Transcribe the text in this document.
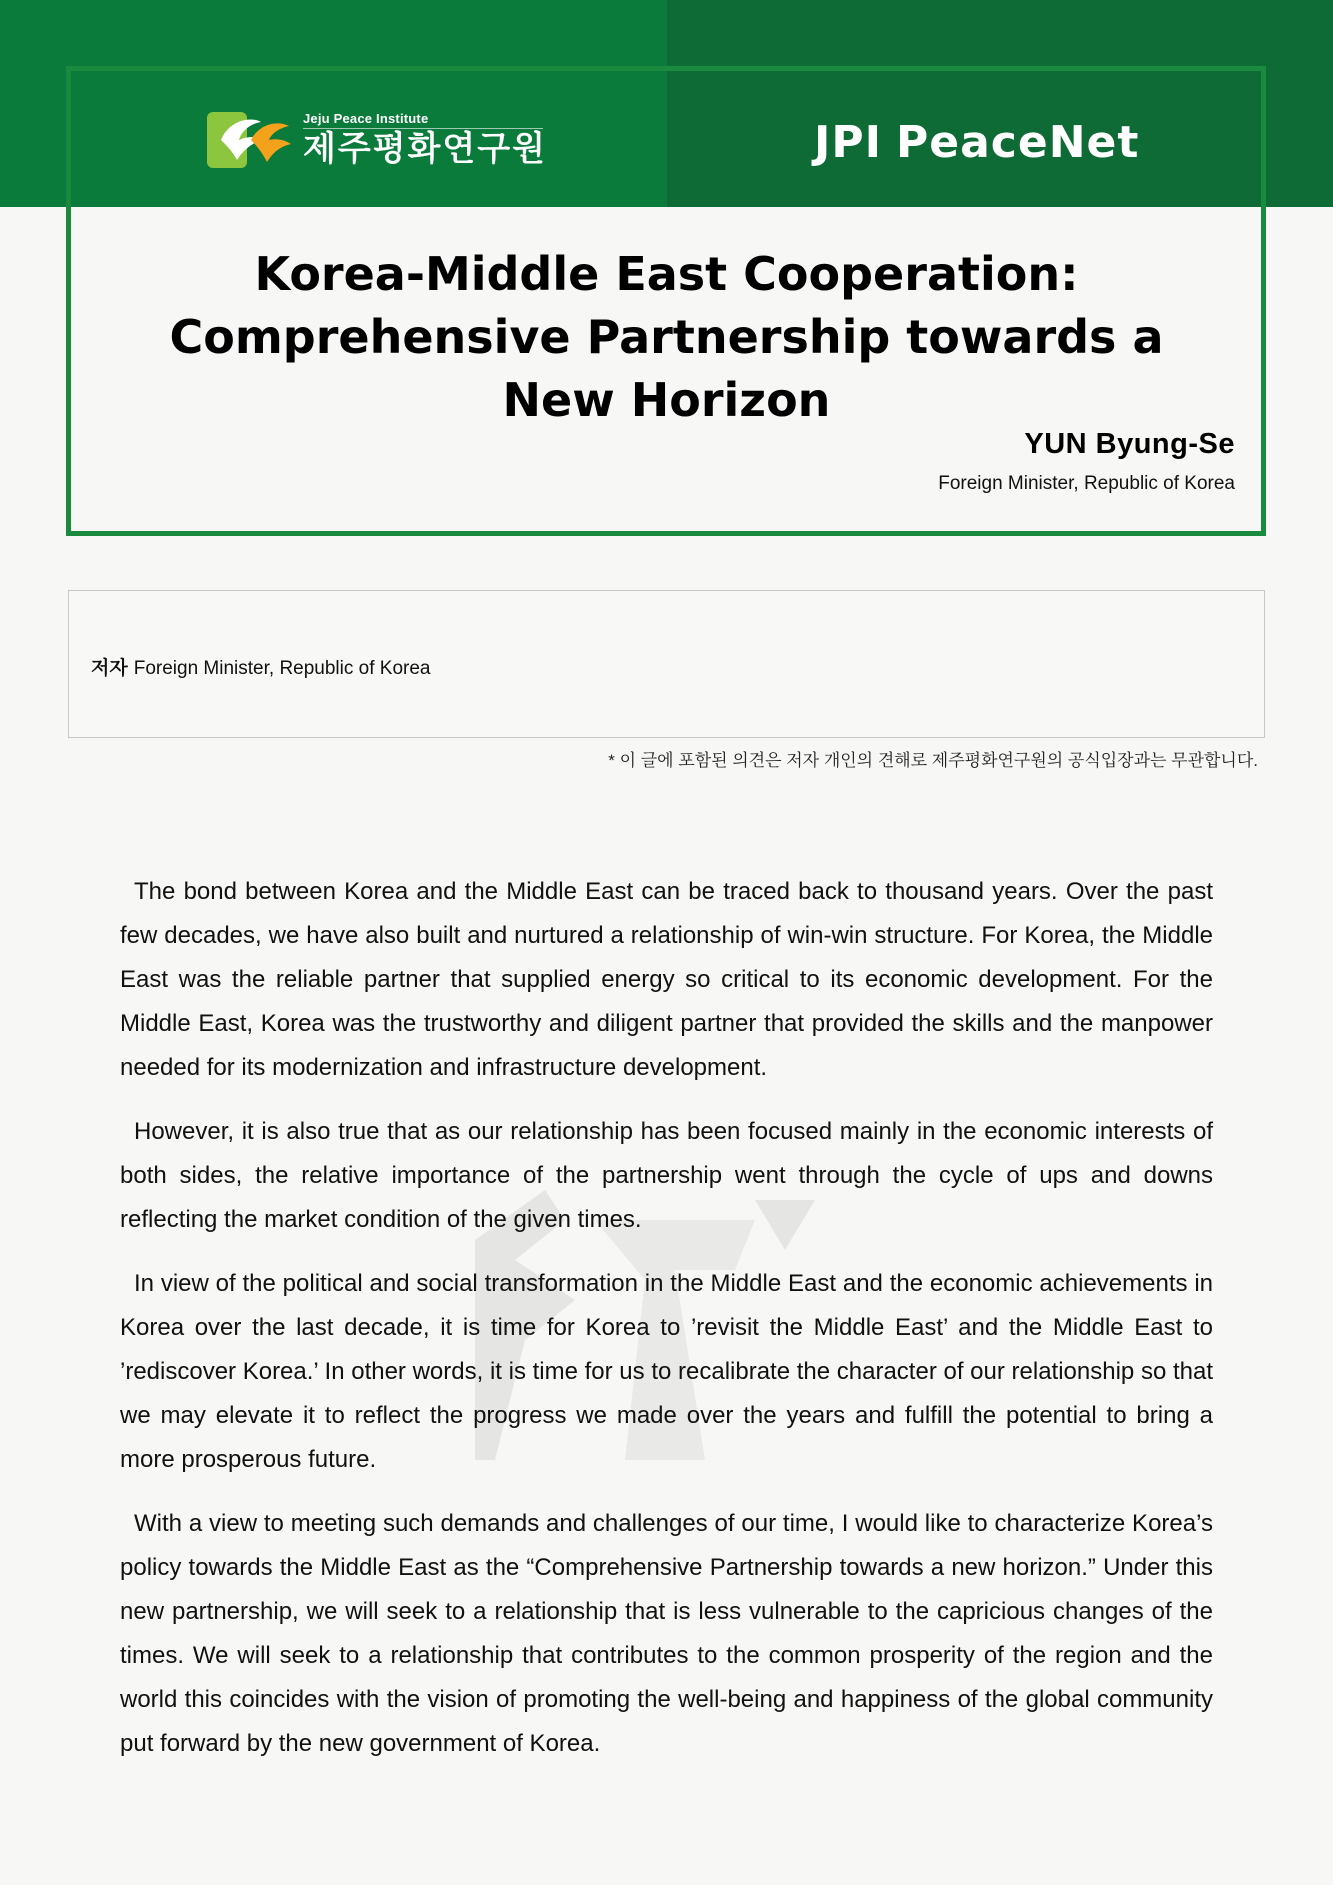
Jeju Peace Institute
제주평화연구원	JPI PeaceNet
Korea-Middle East Cooperation: Comprehensive Partnership towards a New Horizon
YUN Byung-Se
Foreign Minister, Republic of Korea
저자 Foreign Minister, Republic of Korea
* 이 글에 포함된 의견은 저자 개인의 견해로 제주평화연구원의 공식입장과는 무관합니다.

The bond between Korea and the Middle East can be traced back to thousand years. Over the past few decades, we have also built and nurtured a relationship of win-win structure. For Korea, the Middle East was the reliable partner that supplied energy so critical to its economic development. For the Middle East, Korea was the trustworthy and diligent partner that provided the skills and the manpower needed for its modernization and infrastructure development.

However, it is also true that as our relationship has been focused mainly in the economic interests of both sides, the relative importance of the partnership went through the cycle of ups and downs reflecting the market condition of the given times.

In view of the political and social transformation in the Middle East and the economic achievements in Korea over the last decade, it is time for Korea to ’revisit the Middle East’ and the Middle East to ’rediscover Korea.’ In other words, it is time for us to recalibrate the character of our relationship so that we may elevate it to reflect the progress we made over the years and fulfill the potential to bring a more prosperous future.

With a view to meeting such demands and challenges of our time, I would like to characterize Korea’s policy towards the Middle East as the “Comprehensive Partnership towards a new horizon.” Under this new partnership, we will seek to a relationship that is less vulnerable to the capricious changes of the times. We will seek to a relationship that contributes to the common prosperity of the region and the world this coincides with the vision of promoting the well-being and happiness of the global community put forward by the new government of Korea.
